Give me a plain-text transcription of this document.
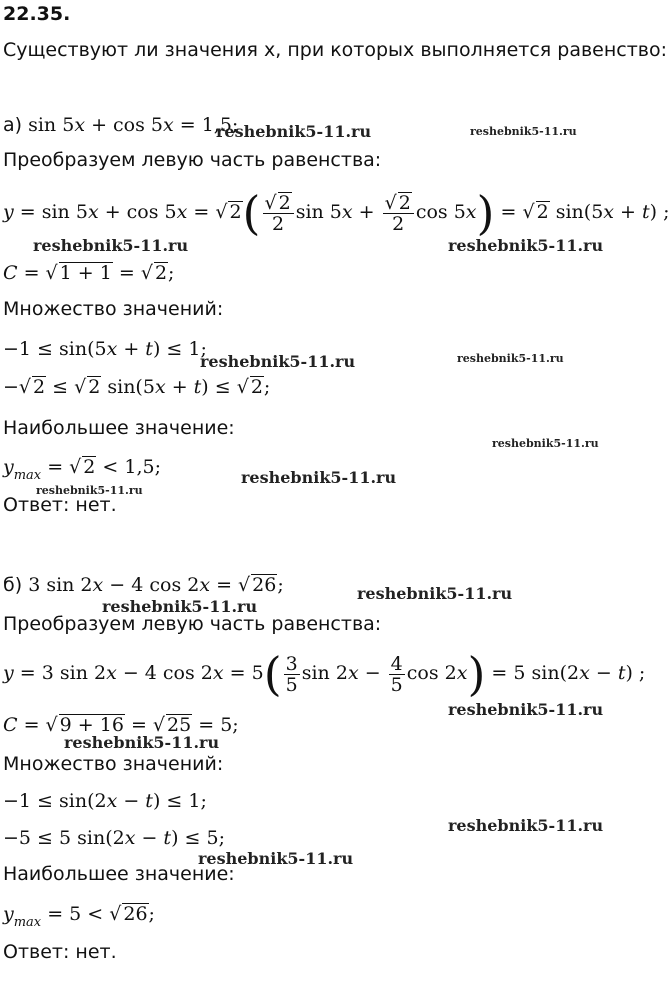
22.35.
Существуют ли значения x, при которых выполняется равенство:
а) sin 5x + cos 5x = 1,5;
Преобразуем левую часть равенства:
y = sin 5x + cos 5x = √ $2( \frac{√ 2}{2}$ $\sin 5x + \frac{√ 2}{2}$ cos 5x) = √ 2 sin(5x + t) ;
C = √ 1 + 1 = √ 2;
Множество значений:
−1 ≤ sin(5x + t) ≤ 1;
−√ 2 ≤ √ 2 sin(5x + t) ≤ √ 2;
Наибольшее значение:
$y_{max}$ = √ 2 < 1,5;
Ответ: нет.
б) 3 sin 2x − 4 cos 2x = √ 26;
Преобразуем левую часть равенства:
y = 3 sin 2x − 4 $\cos 2x = 5( \frac{3}{5}$ $\sin 2x - \frac{4}{5}$ cos 2x) = 5 sin(2x − t) ;
C = √ 9 + 16 = √ 25 = 5;
Множество значений:
−1 ≤ sin(2x − t) ≤ 1;
−5 ≤ 5 sin(2x − t) ≤ 5;
Наибольшее значение:
$y_{max} = 5$ < √ 26;
Ответ: нет.
reshebnik5-11.ru	reshebnik5-11.ru
reshebnik5-11.ru	reshebnik5-11.ru
reshebnik5-11.ru	reshebnik5-11.ru
reshebnik5-11.ru
reshebnik5-11.ru
reshebnik5-11.ru
reshebnik5-11.ru
reshebnik5-11.ru
reshebnik5-11.ru
reshebnik5-11.ru
reshebnik5-11.ru
reshebnik5-11.ru
